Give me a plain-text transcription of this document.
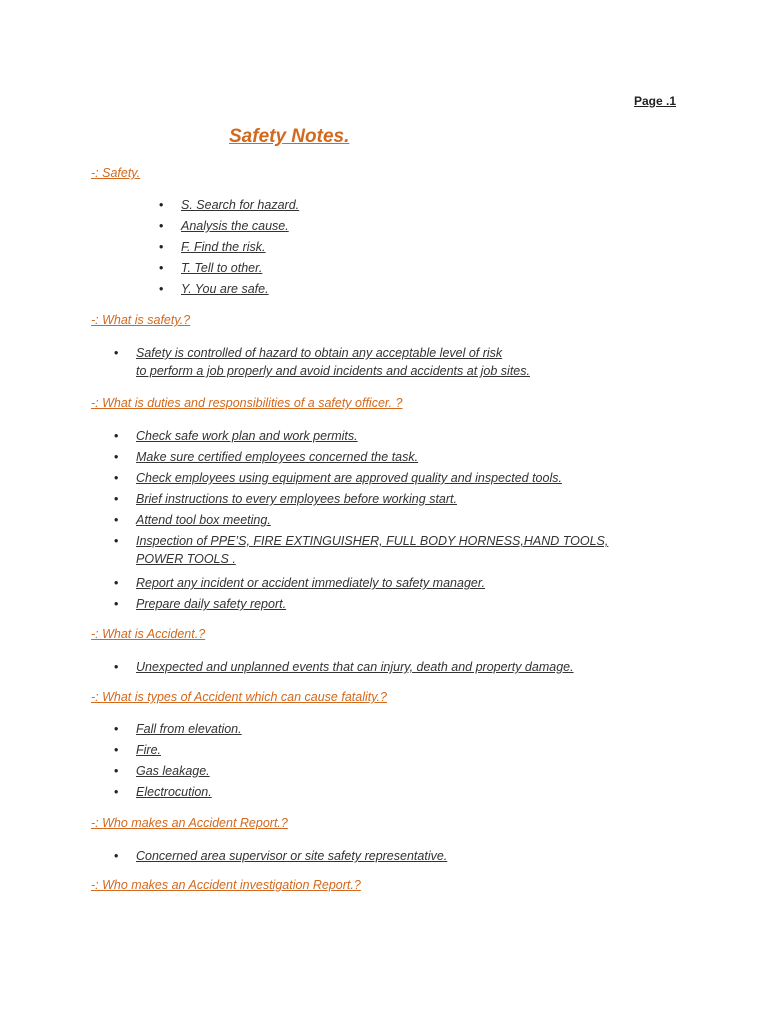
Page .1
Safety Notes.
-: Safety.
• S. Search for hazard.
• Analysis the cause.
• F. Find the risk.
• T. Tell to other.
• Y. You are safe.
-: What is safety.?
• Safety is controlled of hazard to obtain any acceptable level of risk
to perform a job properly and avoid incidents and accidents at job sites.
-: What is duties and responsibilities of a safety officer. ?
• Check safe work plan and work permits.
• Make sure certified employees concerned the task.
• Check employees using equipment are approved quality and inspected tools.
• Brief instructions to every employees before working start.
• Attend tool box meeting.
• Inspection of PPE’S, FIRE EXTINGUISHER, FULL BODY HORNESS,HAND TOOLS,
POWER TOOLS .
• Report any incident or accident immediately to safety manager.
• Prepare daily safety report.
-: What is Accident.?
• Unexpected and unplanned events that can injury, death and property damage.
-: What is types of Accident which can cause fatality.?
• Fall from elevation.
• Fire.
• Gas leakage.
• Electrocution.
-: Who makes an Accident Report.?
• Concerned area supervisor or site safety representative.
-: Who makes an Accident investigation Report.?
